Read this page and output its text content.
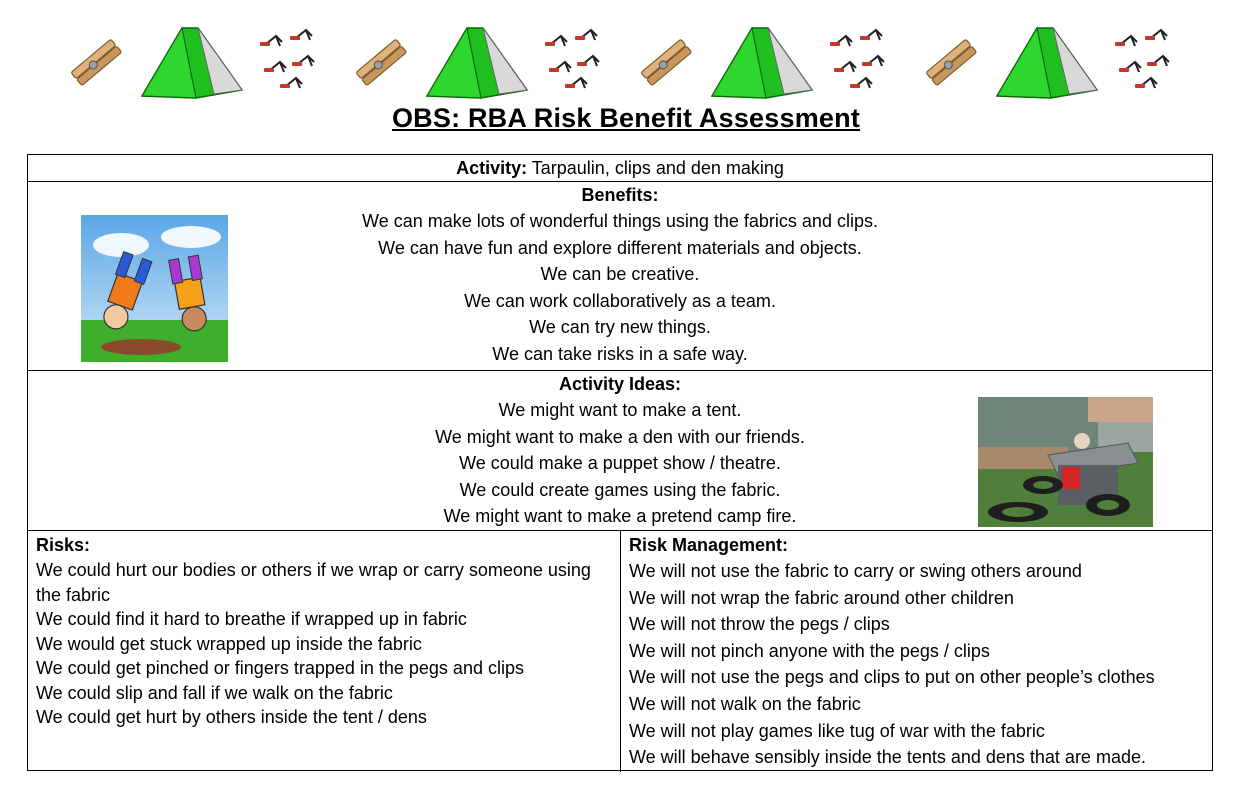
OBS: RBA Risk Benefit Assessment
Activity: Tarpaulin, clips and den making
Benefits:
We can make lots of wonderful things using the fabrics and clips.
We can have fun and explore different materials and objects.
We can be creative.
We can work collaboratively as a team.
We can try new things.
We can take risks in a safe way.
Activity Ideas:
We might want to make a tent.
We might want to make a den with our friends.
We could make a puppet show / theatre.
We could create games using the fabric.
We might want to make a pretend camp fire.
Risks:
We could hurt our bodies or others if we wrap or carry someone using the fabric
We could find it hard to breathe if wrapped up in fabric
We would get stuck wrapped up inside the fabric
We could get pinched or fingers trapped in the pegs and clips
We could slip and fall if we walk on the fabric
We could get hurt by others inside the tent / dens
Risk Management:
We will not use the fabric to carry or swing others around
We will not wrap the fabric around other children
We will not throw the pegs / clips
We will not pinch anyone with the pegs / clips
We will not use the pegs and clips to put on other people’s clothes
We will not walk on the fabric
We will not play games like tug of war with the fabric
We will behave sensibly inside the tents and dens that are made.
